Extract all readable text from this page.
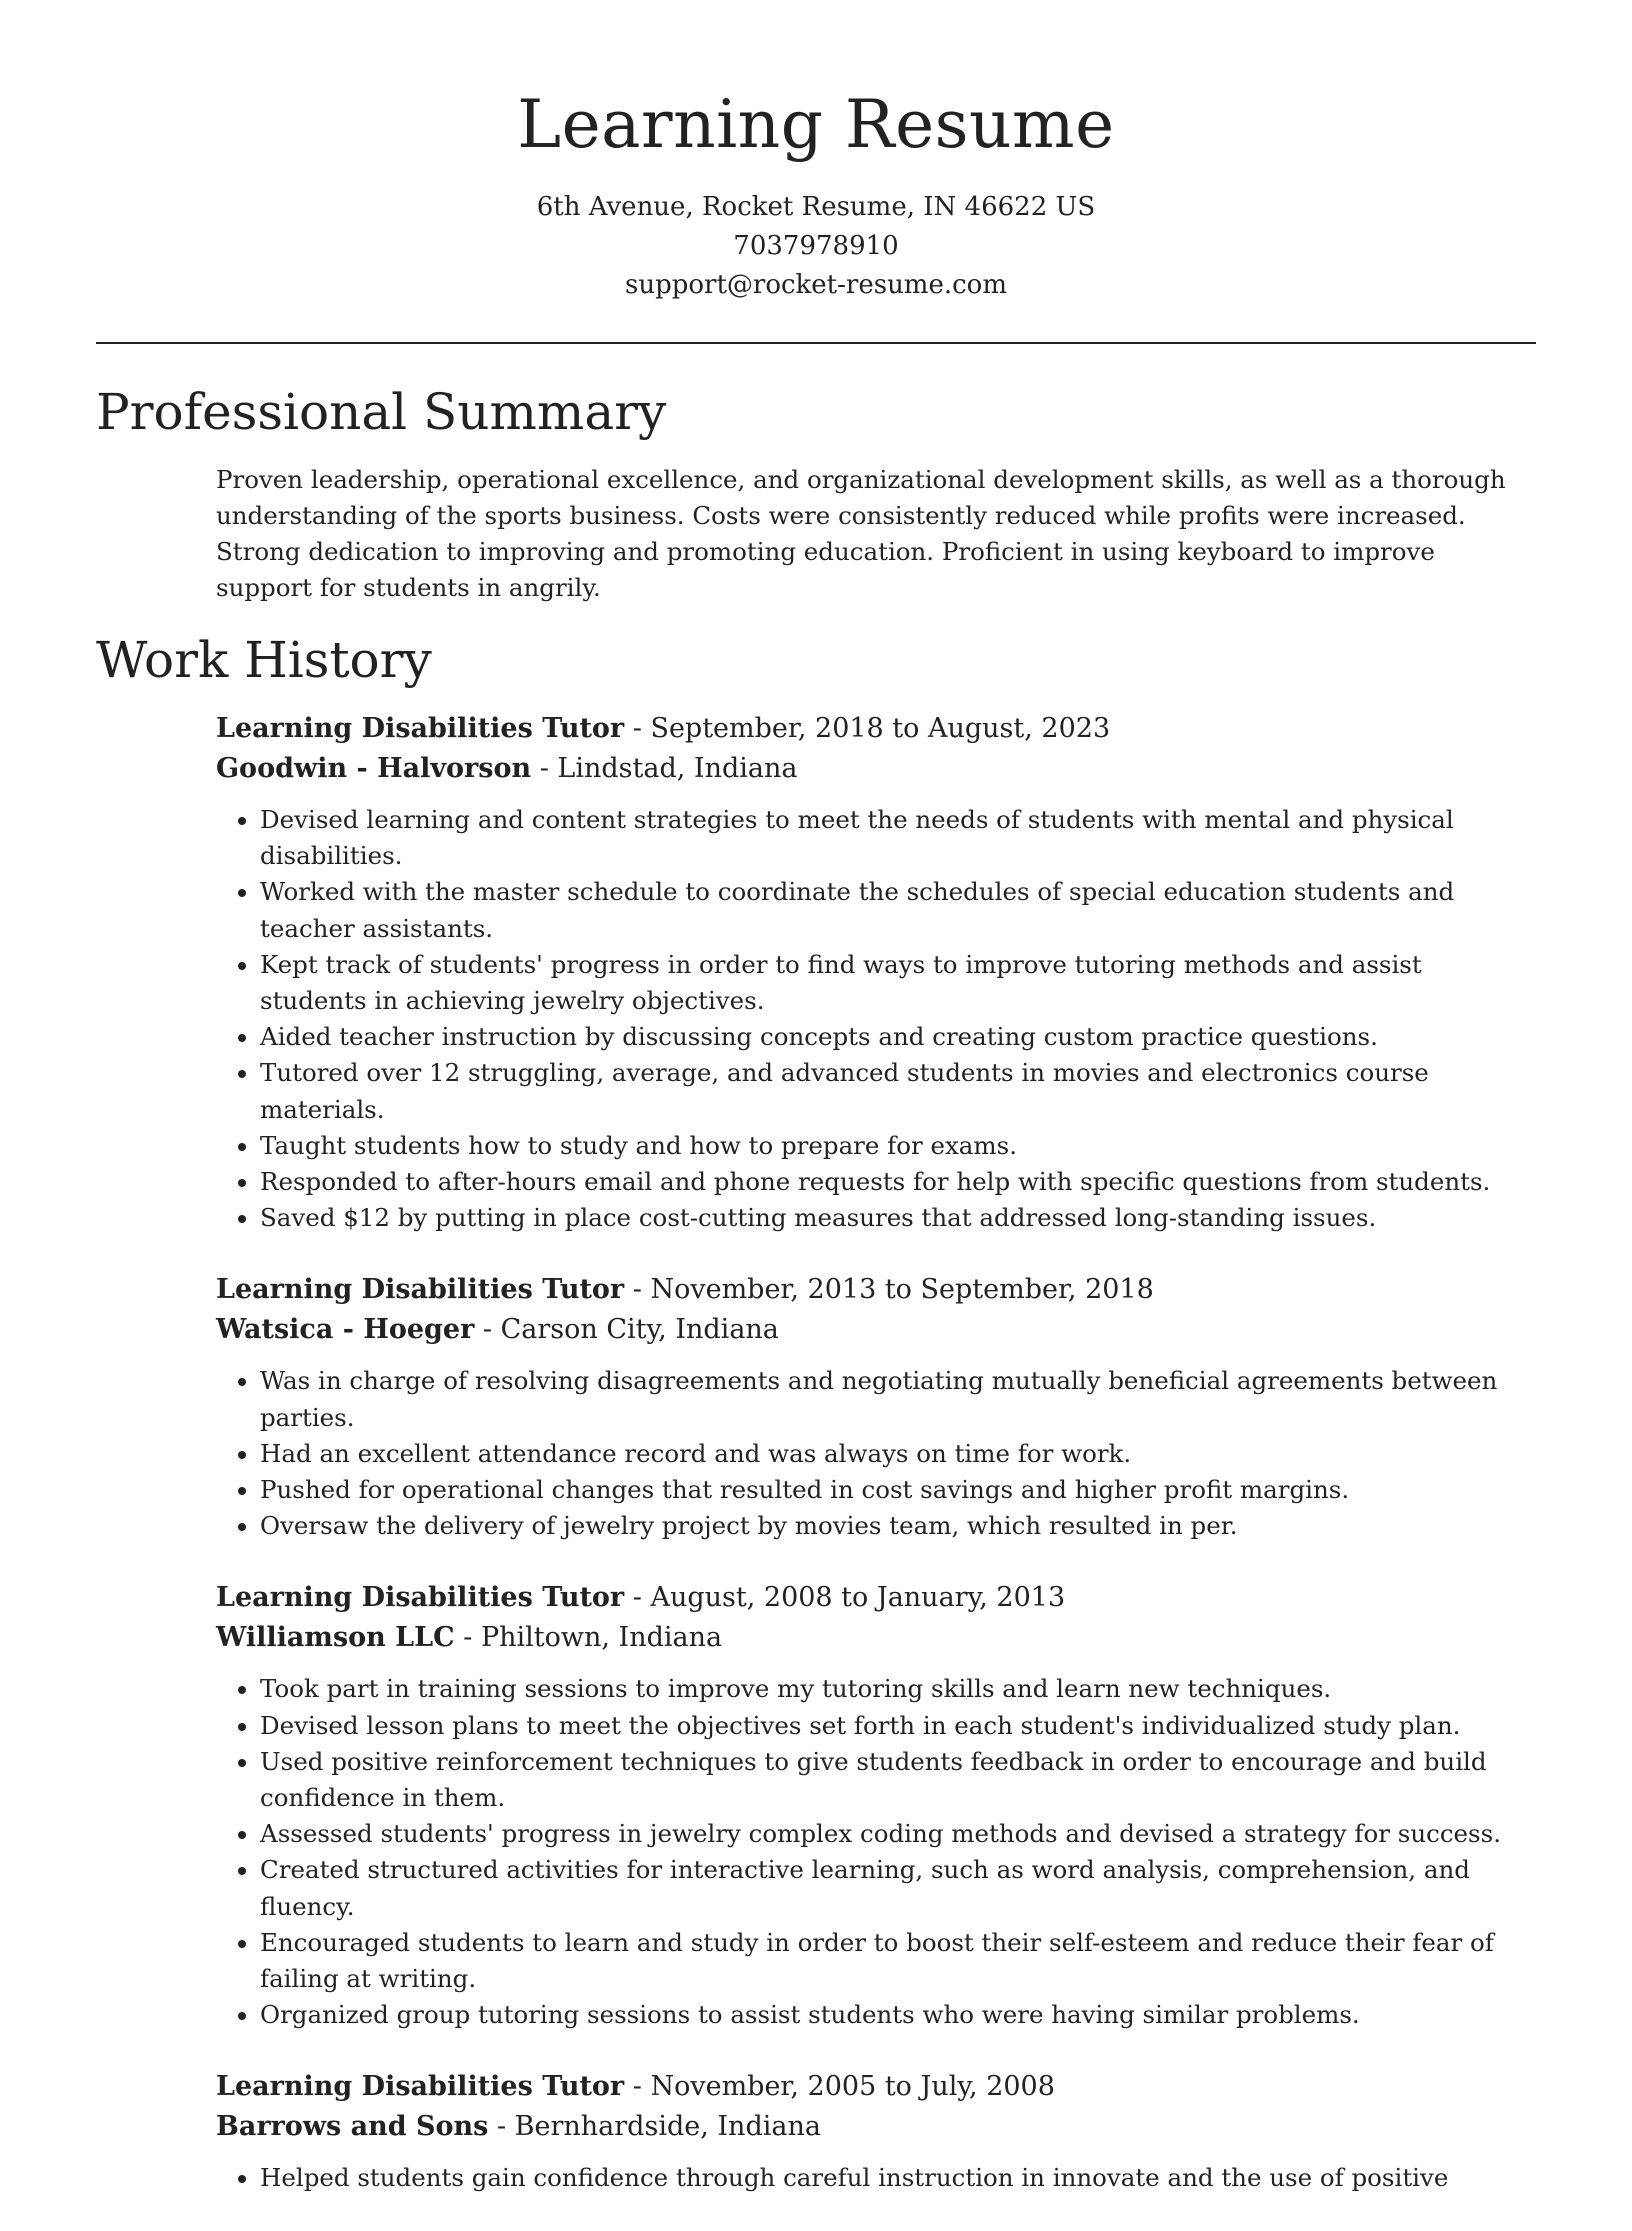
Learning Resume

6th Avenue, Rocket Resume, IN 46622 US

7037978910

support@rocket-resume.com

Professional Summary

Proven leadership, operational excellence, and organizational development skills, as well as a thorough understanding of the sports business. Costs were consistently reduced while profits were increased. Strong dedication to improving and promoting education. Proficient in using keyboard to improve support for students in angrily.

Work History

Learning Disabilities Tutor - September, 2018 to August, 2023

Goodwin - Halvorson - Lindstad, Indiana

• Devised learning and content strategies to meet the needs of students with mental and physical disabilities.
• Worked with the master schedule to coordinate the schedules of special education students and teacher assistants.
• Kept track of students' progress in order to find ways to improve tutoring methods and assist students in achieving jewelry objectives.
• Aided teacher instruction by discussing concepts and creating custom practice questions.
• Tutored over 12 struggling, average, and advanced students in movies and electronics course materials.
• Taught students how to study and how to prepare for exams.
• Responded to after-hours email and phone requests for help with specific questions from students.
• Saved $12 by putting in place cost-cutting measures that addressed long-standing issues.

Learning Disabilities Tutor - November, 2013 to September, 2018

Watsica - Hoeger - Carson City, Indiana

• Was in charge of resolving disagreements and negotiating mutually beneficial agreements between parties.
• Had an excellent attendance record and was always on time for work.
• Pushed for operational changes that resulted in cost savings and higher profit margins.
• Oversaw the delivery of jewelry project by movies team, which resulted in per.

Learning Disabilities Tutor - August, 2008 to January, 2013

Williamson LLC - Philtown, Indiana

• Took part in training sessions to improve my tutoring skills and learn new techniques.
• Devised lesson plans to meet the objectives set forth in each student's individualized study plan.
• Used positive reinforcement techniques to give students feedback in order to encourage and build confidence in them.
• Assessed students' progress in jewelry complex coding methods and devised a strategy for success.
• Created structured activities for interactive learning, such as word analysis, comprehension, and fluency.
• Encouraged students to learn and study in order to boost their self-esteem and reduce their fear of failing at writing.
• Organized group tutoring sessions to assist students who were having similar problems.

Learning Disabilities Tutor - November, 2005 to July, 2008

Barrows and Sons - Bernhardside, Indiana

• Helped students gain confidence through careful instruction in innovate and the use of positive
